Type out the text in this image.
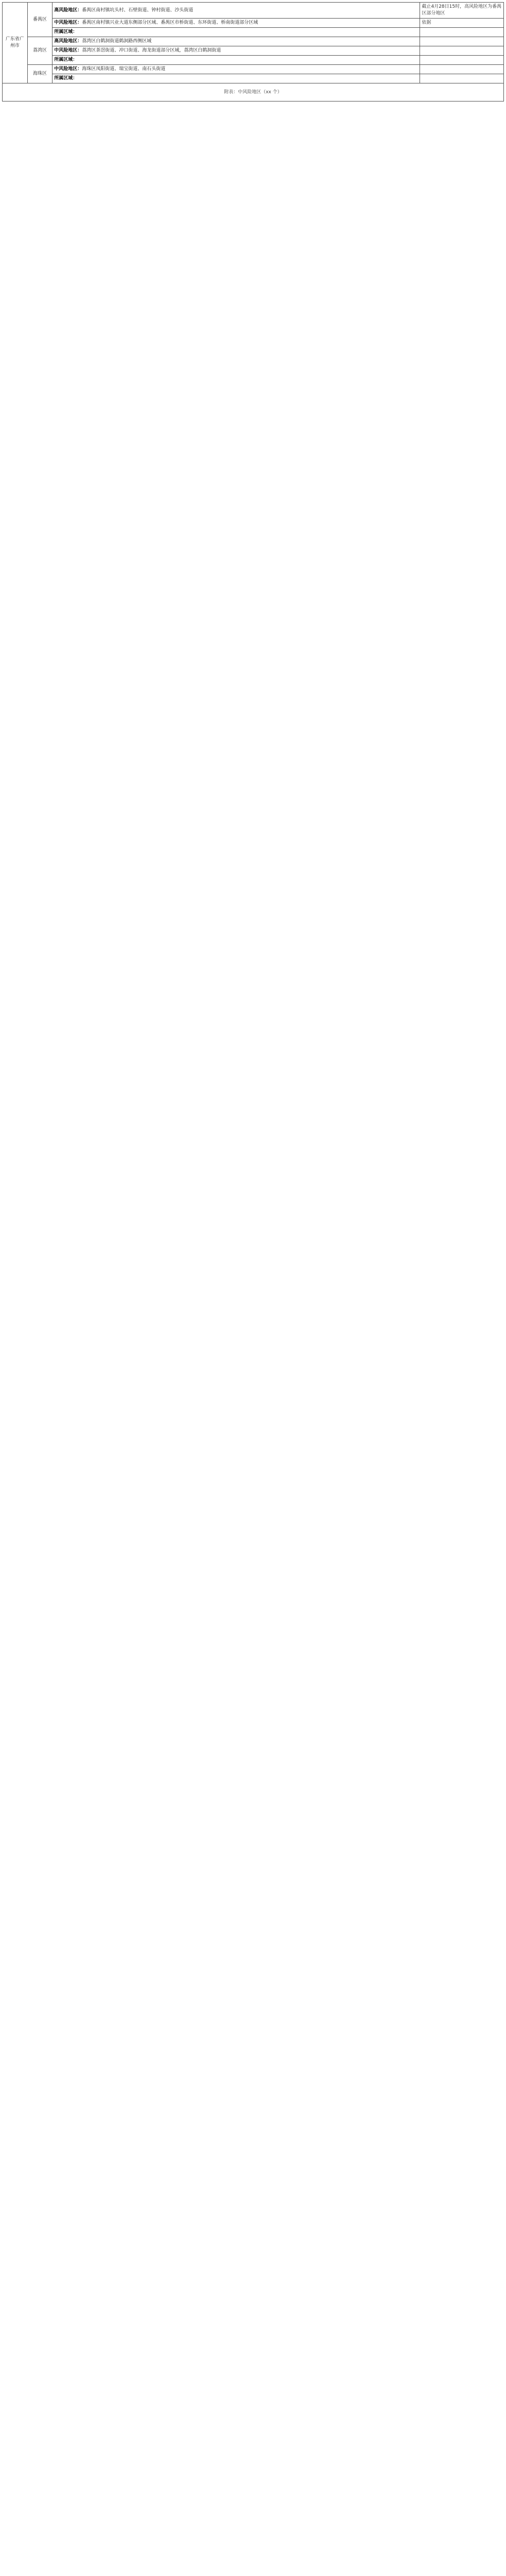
广东省广州市	番禺区	高风险地区：番禺区南村镇坑头村、石壁街道、钟村街道、沙头街道	截止4月28日15时，高风险地区为番禺区部分地区
		中风险地区：番禺区南村镇兴业大道东侧部分区域、番禺区市桥街道、东环街道、桥南街道部分区域	依据
		所属区域：	
	荔湾区	高风险地区：荔湾区白鹤洞街道鹤洞路西侧区域	
		中风险地区：荔湾区茶滘街道、冲口街道、海龙街道部分区域，荔湾区白鹤洞街道	
		所属区域：	
	海珠区	中风险地区：海珠区凤阳街道、瑞宝街道、南石头街道	
		所属区域：	
附表：中风险地区（xx 个）			
